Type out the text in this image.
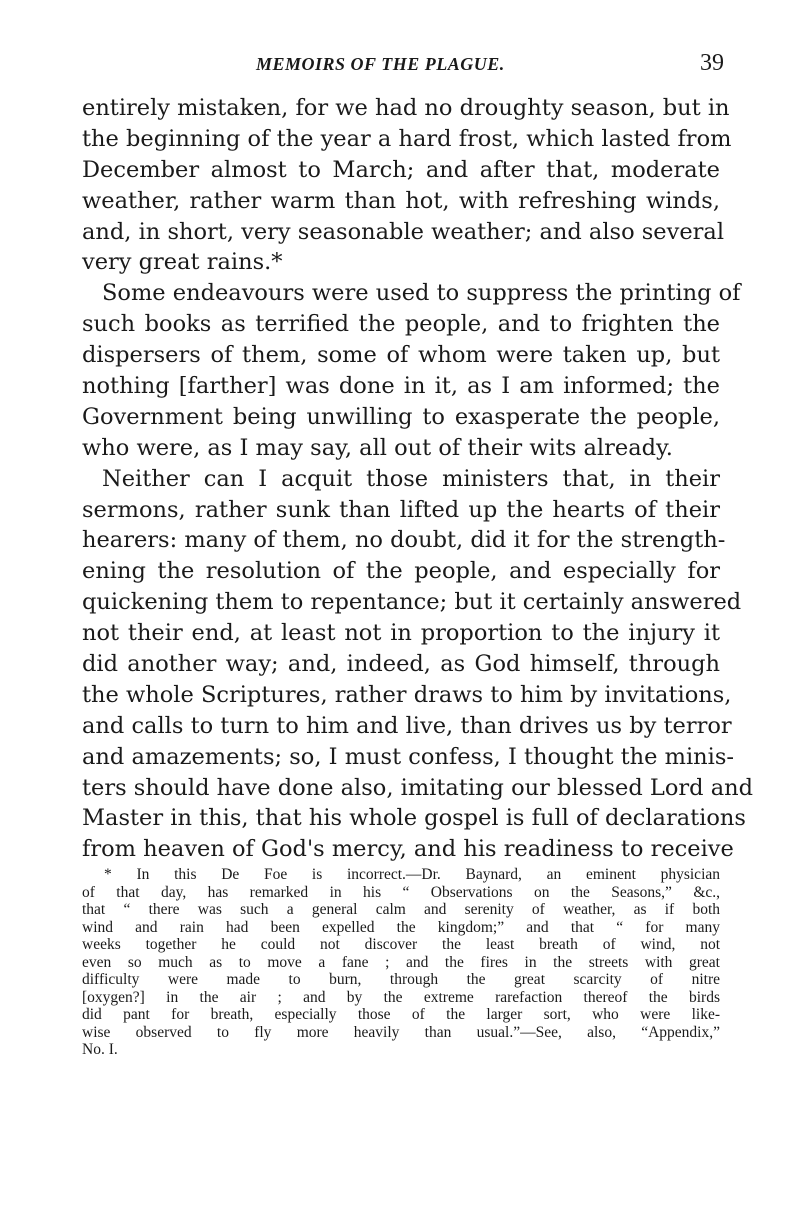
MEMOIRS OF THE PLAGUE.	39
entirely mistaken, for we had no droughty season, but in
the beginning of the year a hard frost, which lasted from
December almost to March; and after that, moderate
weather, rather warm than hot, with refreshing winds,
and, in short, very seasonable weather; and also several
very great rains.*
Some endeavours were used to suppress the printing of
such books as terrified the people, and to frighten the
dispersers of them, some of whom were taken up, but
nothing [farther] was done in it, as I am informed; the
Government being unwilling to exasperate the people,
who were, as I may say, all out of their wits already.
Neither can I acquit those ministers that, in their
sermons, rather sunk than lifted up the hearts of their
hearers: many of them, no doubt, did it for the strength-
ening the resolution of the people, and especially for
quickening them to repentance; but it certainly answered
not their end, at least not in proportion to the injury it
did another way; and, indeed, as God himself, through
the whole Scriptures, rather draws to him by invitations,
and calls to turn to him and live, than drives us by terror
and amazements; so, I must confess, I thought the minis-
ters should have done also, imitating our blessed Lord and
Master in this, that his whole gospel is full of declarations
from heaven of God's mercy, and his readiness to receive
* In this De Foe is incorrect.—Dr. Baynard, an eminent physician
of that day, has remarked in his “ Observations on the Seasons,” &c.,
that “ there was such a general calm and serenity of weather, as if both
wind and rain had been expelled the kingdom;” and that “ for many
weeks together he could not discover the least breath of wind, not
even so much as to move a fane ; and the fires in the streets with great
difficulty were made to burn, through the great scarcity of nitre
[oxygen?] in the air ; and by the extreme rarefaction thereof the birds
did pant for breath, especially those of the larger sort, who were like-
wise observed to fly more heavily than usual.”—See, also, “Appendix,”
No. I.
